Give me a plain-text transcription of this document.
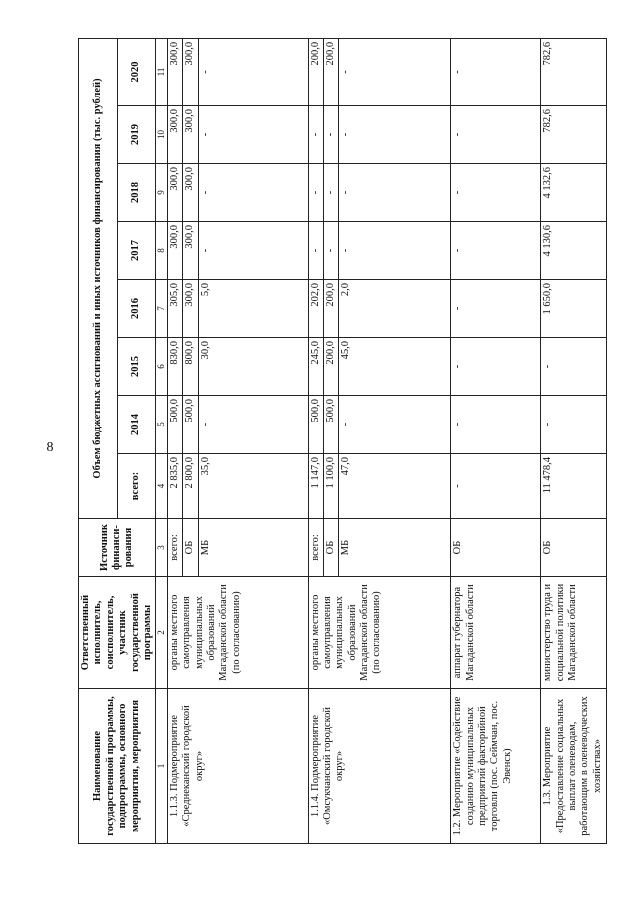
8
Наименование государственной программы, подпрограммы, основного мероприятия, мероприятия	Ответственный исполнитель, соисполнитель, участник государственной программы	Источник финанси-рования	Объем бюджетных ассигнований и иных источников финансирования (тыс. рублей)							
			всего:	2014	2015	2016	2017	2018	2019	2020
1	2	3	4	5	6	7	8	9	10	11
1.1.3. Подмероприятие «Среднеканский городской округ»	органы местного самоуправления муниципальных образований Магаданской области (по согласованию)	всего:	2 835,0	500,0	830,0	305,0	300,0	300,0	300,0	300,0
		ОБ	2 800,0	500,0	800,0	300,0	300,0	300,0	300,0	300,0
		МБ	35,0	-	30,0	5,0	-	-	-	-
1.1.4. Подмероприятие «Омсукчанский городской округ»	органы местного самоуправления муниципальных образований Магаданской области (по согласованию)	всего:	1 147,0	500,0	245,0	202,0	-	-	-	200,0
		ОБ	1 100,0	500,0	200,0	200,0	-	-	-	200,0
		МБ	47,0	-	45,0	2,0	-	-	-	-
1.2. Мероприятие «Содействие созданию муниципальных предприятий факторийной торговли (пос. Сеймчан, пос. Эвенск)	аппарат губернатора Магаданской области	ОБ	-	-	-	-	-	-	-	-
1.3. Мероприятие «Предоставление социальных выплат оленеводам, работающим в оленеводческих хозяйствах»	министерство труда и социальной политики Магаданской области	ОБ	11 478,4	-	-	1 650,0	4 130,6	4 132,6	782,6	782,6
